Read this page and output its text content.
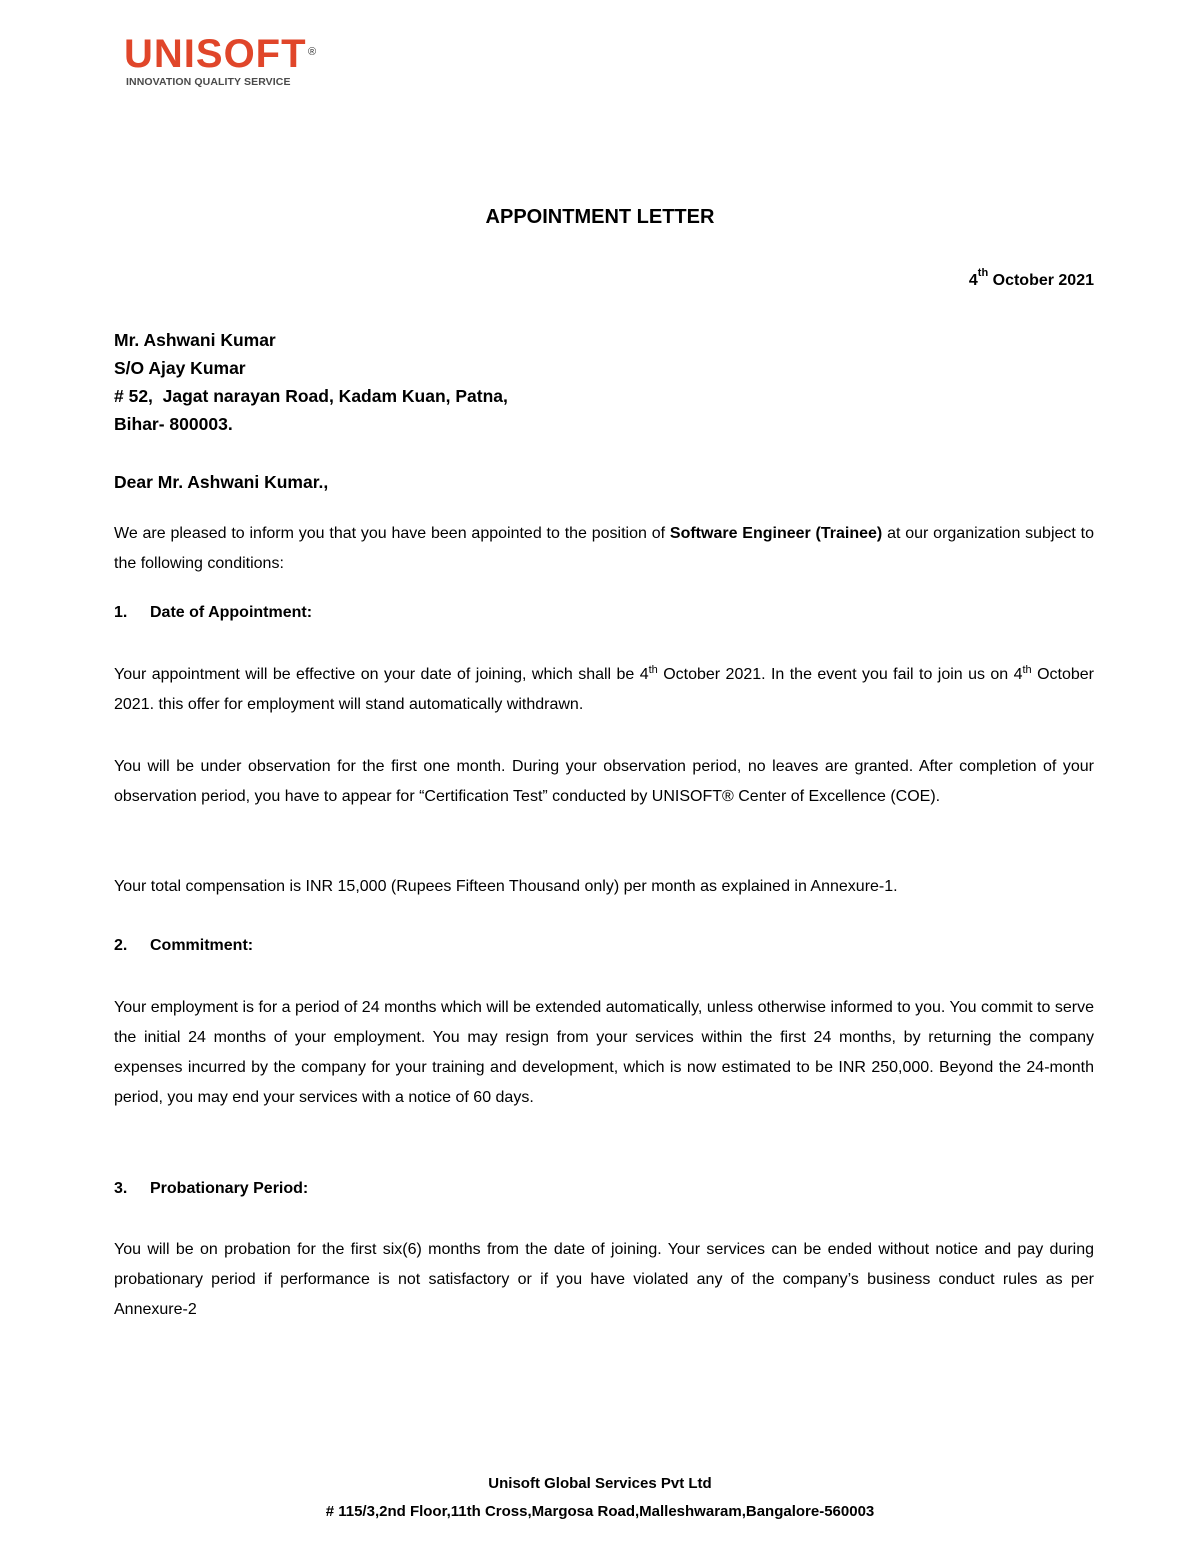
UNISOFT ®
INNOVATION QUALITY SERVICE
APPOINTMENT LETTER
4th October 2021
Mr. Ashwani Kumar
S/O Ajay Kumar
# 52,  Jagat narayan Road, Kadam Kuan, Patna,
Bihar- 800003.
Dear Mr. Ashwani Kumar.,
We are pleased to inform you that you have been appointed to the position of Software Engineer (Trainee) at our organization subject to the following conditions:
1. Date of Appointment:
Your appointment will be effective on your date of joining, which shall be 4th October 2021. In the event you fail to join us on 4th October 2021. this offer for employment will stand automatically withdrawn.
You will be under observation for the first one month. During your observation period, no leaves are granted. After completion of your observation period, you have to appear for “Certification Test” conducted by UNISOFT® Center of Excellence (COE).
Your total compensation is INR 15,000 (Rupees Fifteen Thousand only) per month as explained in Annexure-1.
2. Commitment:
Your employment is for a period of 24 months which will be extended automatically, unless otherwise informed to you. You commit to serve the initial 24 months of your employment. You may resign from your services within the first 24 months, by returning the company expenses incurred by the company for your training and development, which is now estimated to be INR 250,000. Beyond the 24-month period, you may end your services with a notice of 60 days.
3. Probationary Period:
You will be on probation for the first six(6) months from the date of joining. Your services can be ended without notice and pay during probationary period if performance is not satisfactory or if you have violated any of the company’s business conduct rules as per Annexure-2
Unisoft Global Services Pvt Ltd
# 115/3,2nd Floor,11th Cross,Margosa Road,Malleshwaram,Bangalore-560003
